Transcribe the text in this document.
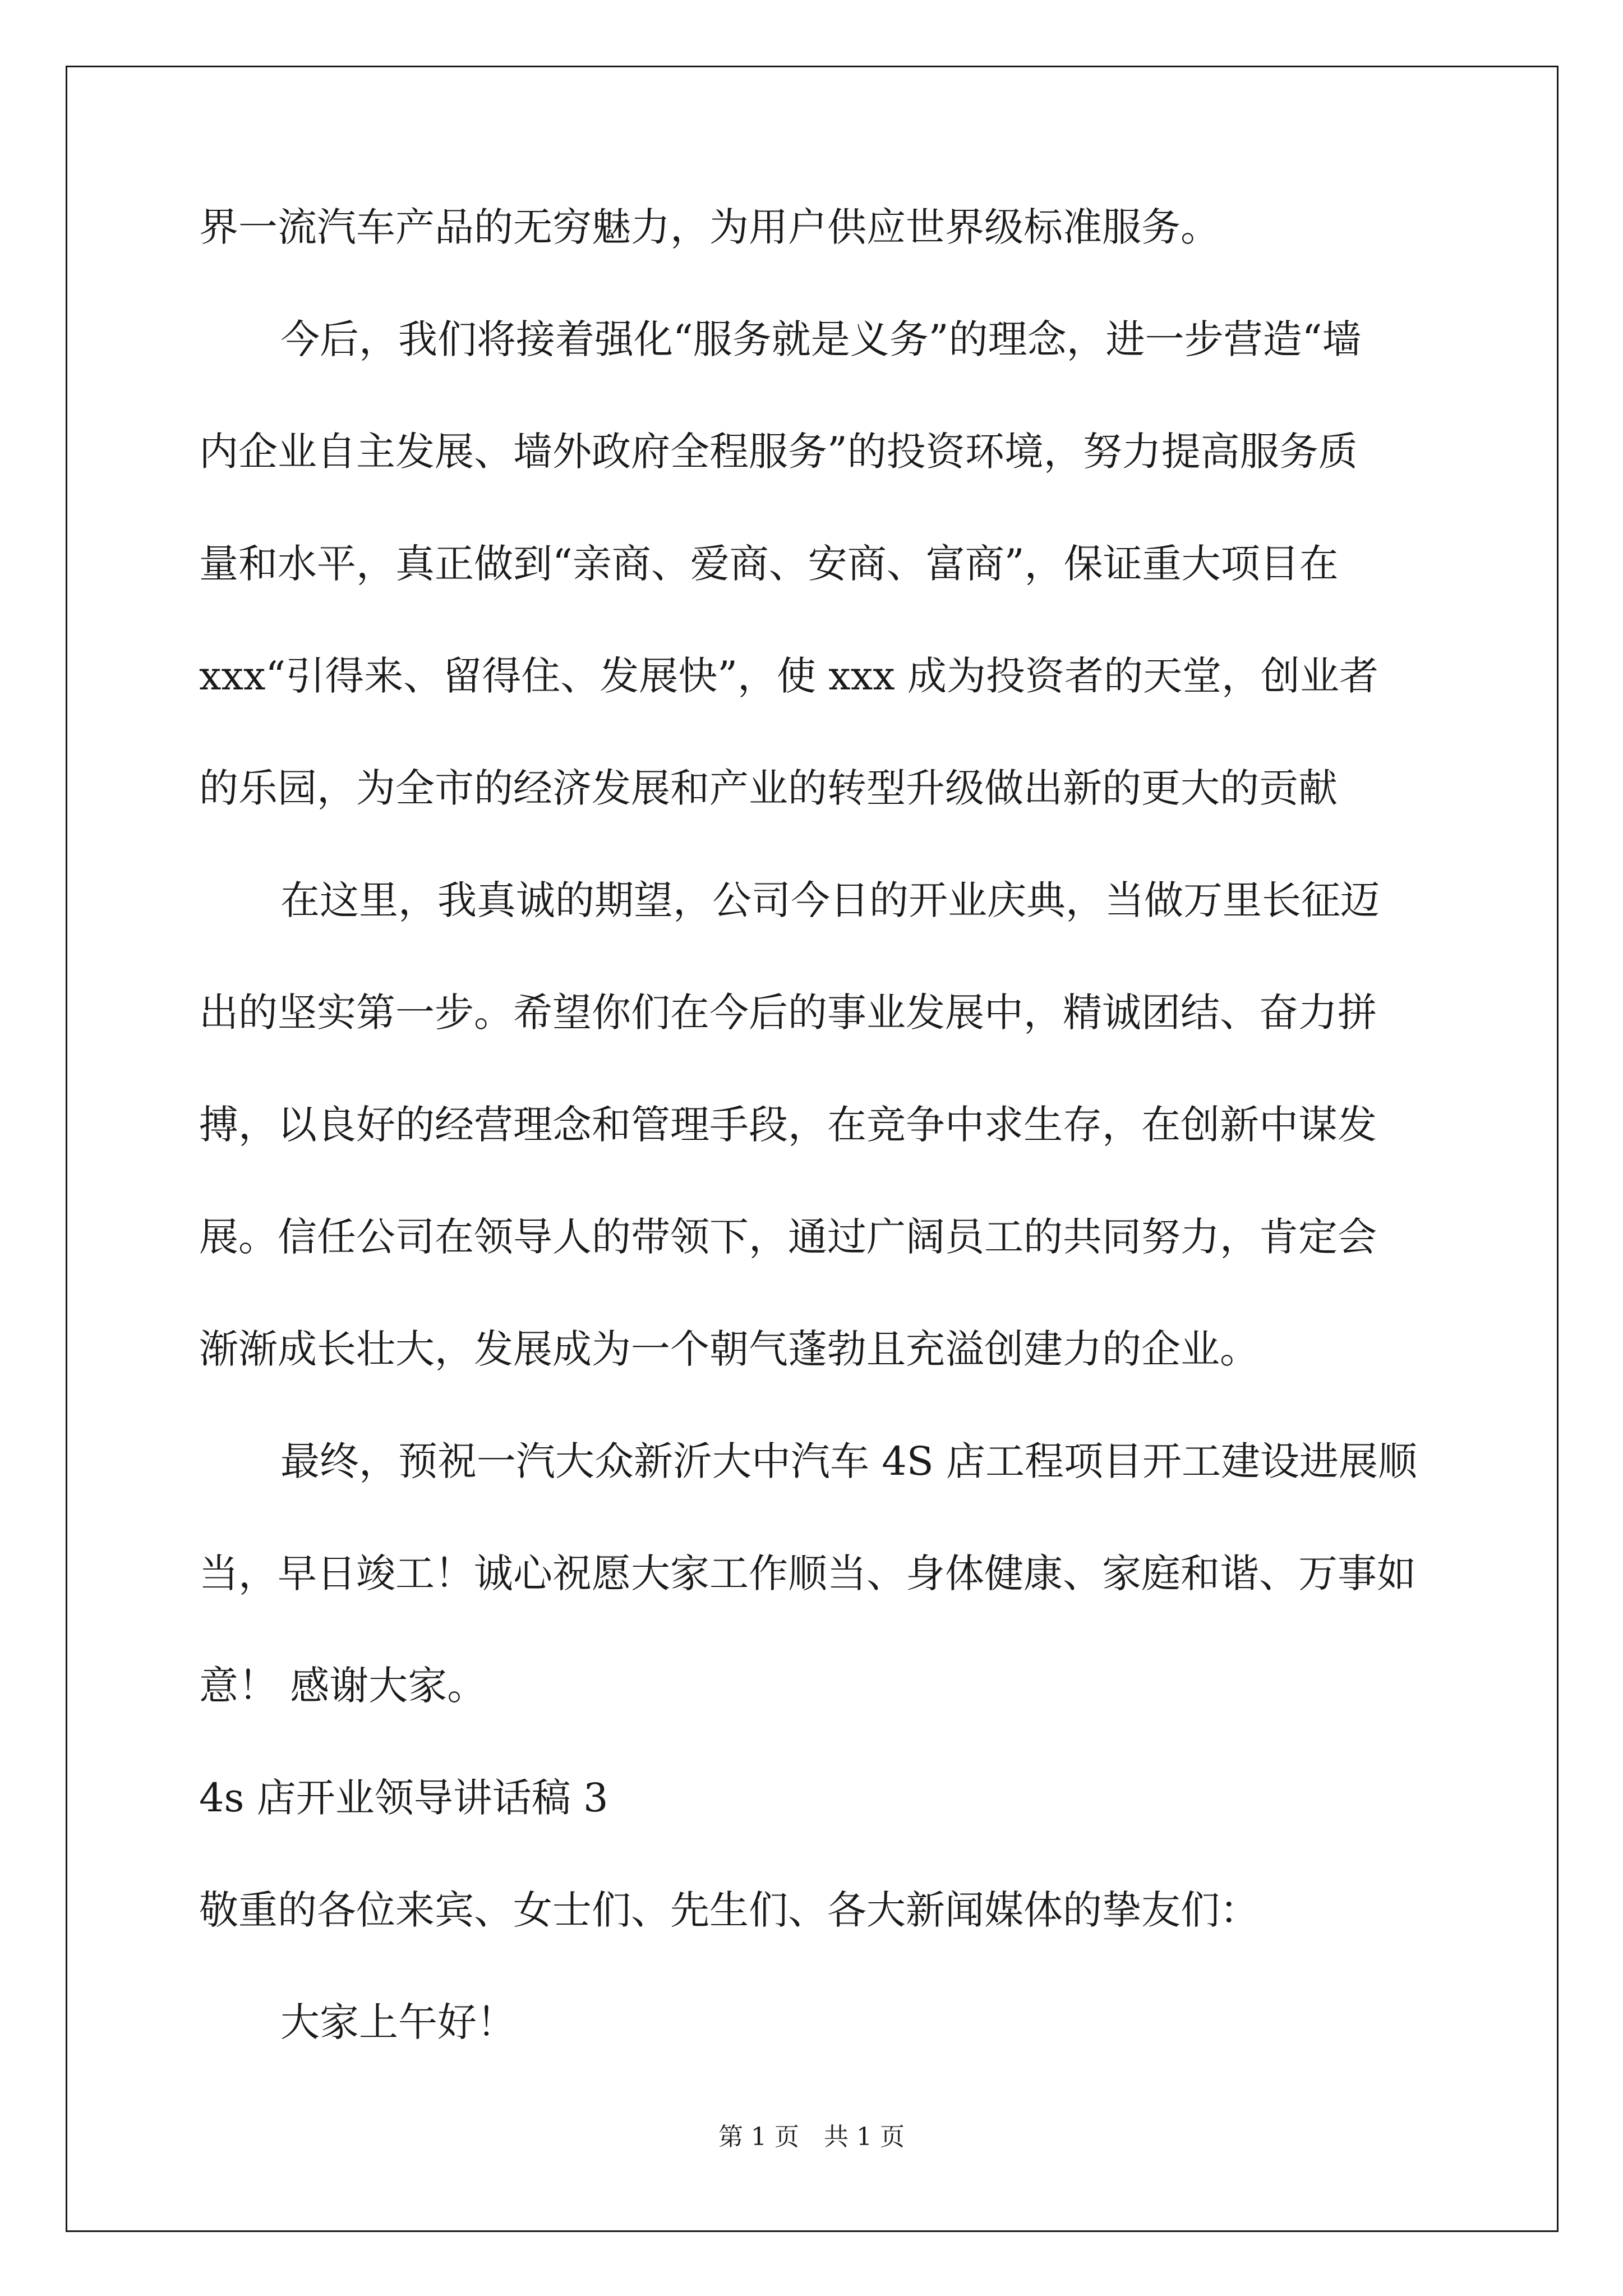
界一流汽车产品的无穷魅力，为用户供应世界级标准服务。
今后，我们将接着强化“服务就是义务”的理念，进一步营造“墙
内企业自主发展、墙外政府全程服务”的投资环境，努力提高服务质
量和水平，真正做到“亲商、爱商、安商、富商”，保证重大项目在
xxx“引得来、留得住、发展快”，使 xxx 成为投资者的天堂，创业者
的乐园，为全市的经济发展和产业的转型升级做出新的更大的贡献
在这里，我真诚的期望，公司今日的开业庆典，当做万里长征迈
出的坚实第一步。希望你们在今后的事业发展中，精诚团结、奋力拼
搏，以良好的经营理念和管理手段，在竞争中求生存，在创新中谋发
展。信任公司在领导人的带领下，通过广阔员工的共同努力，肯定会
渐渐成长壮大，发展成为一个朝气蓬勃且充溢创建力的企业。
最终，预祝一汽大众新沂大中汽车 4S 店工程项目开工建设进展顺
当，早日竣工！诚心祝愿大家工作顺当、身体健康、家庭和谐、万事如
意！ 感谢大家。
4s 店开业领导讲话稿 3
敬重的各位来宾、女士们、先生们、各大新闻媒体的挚友们：
大家上午好！
第 1 页　共 1 页
